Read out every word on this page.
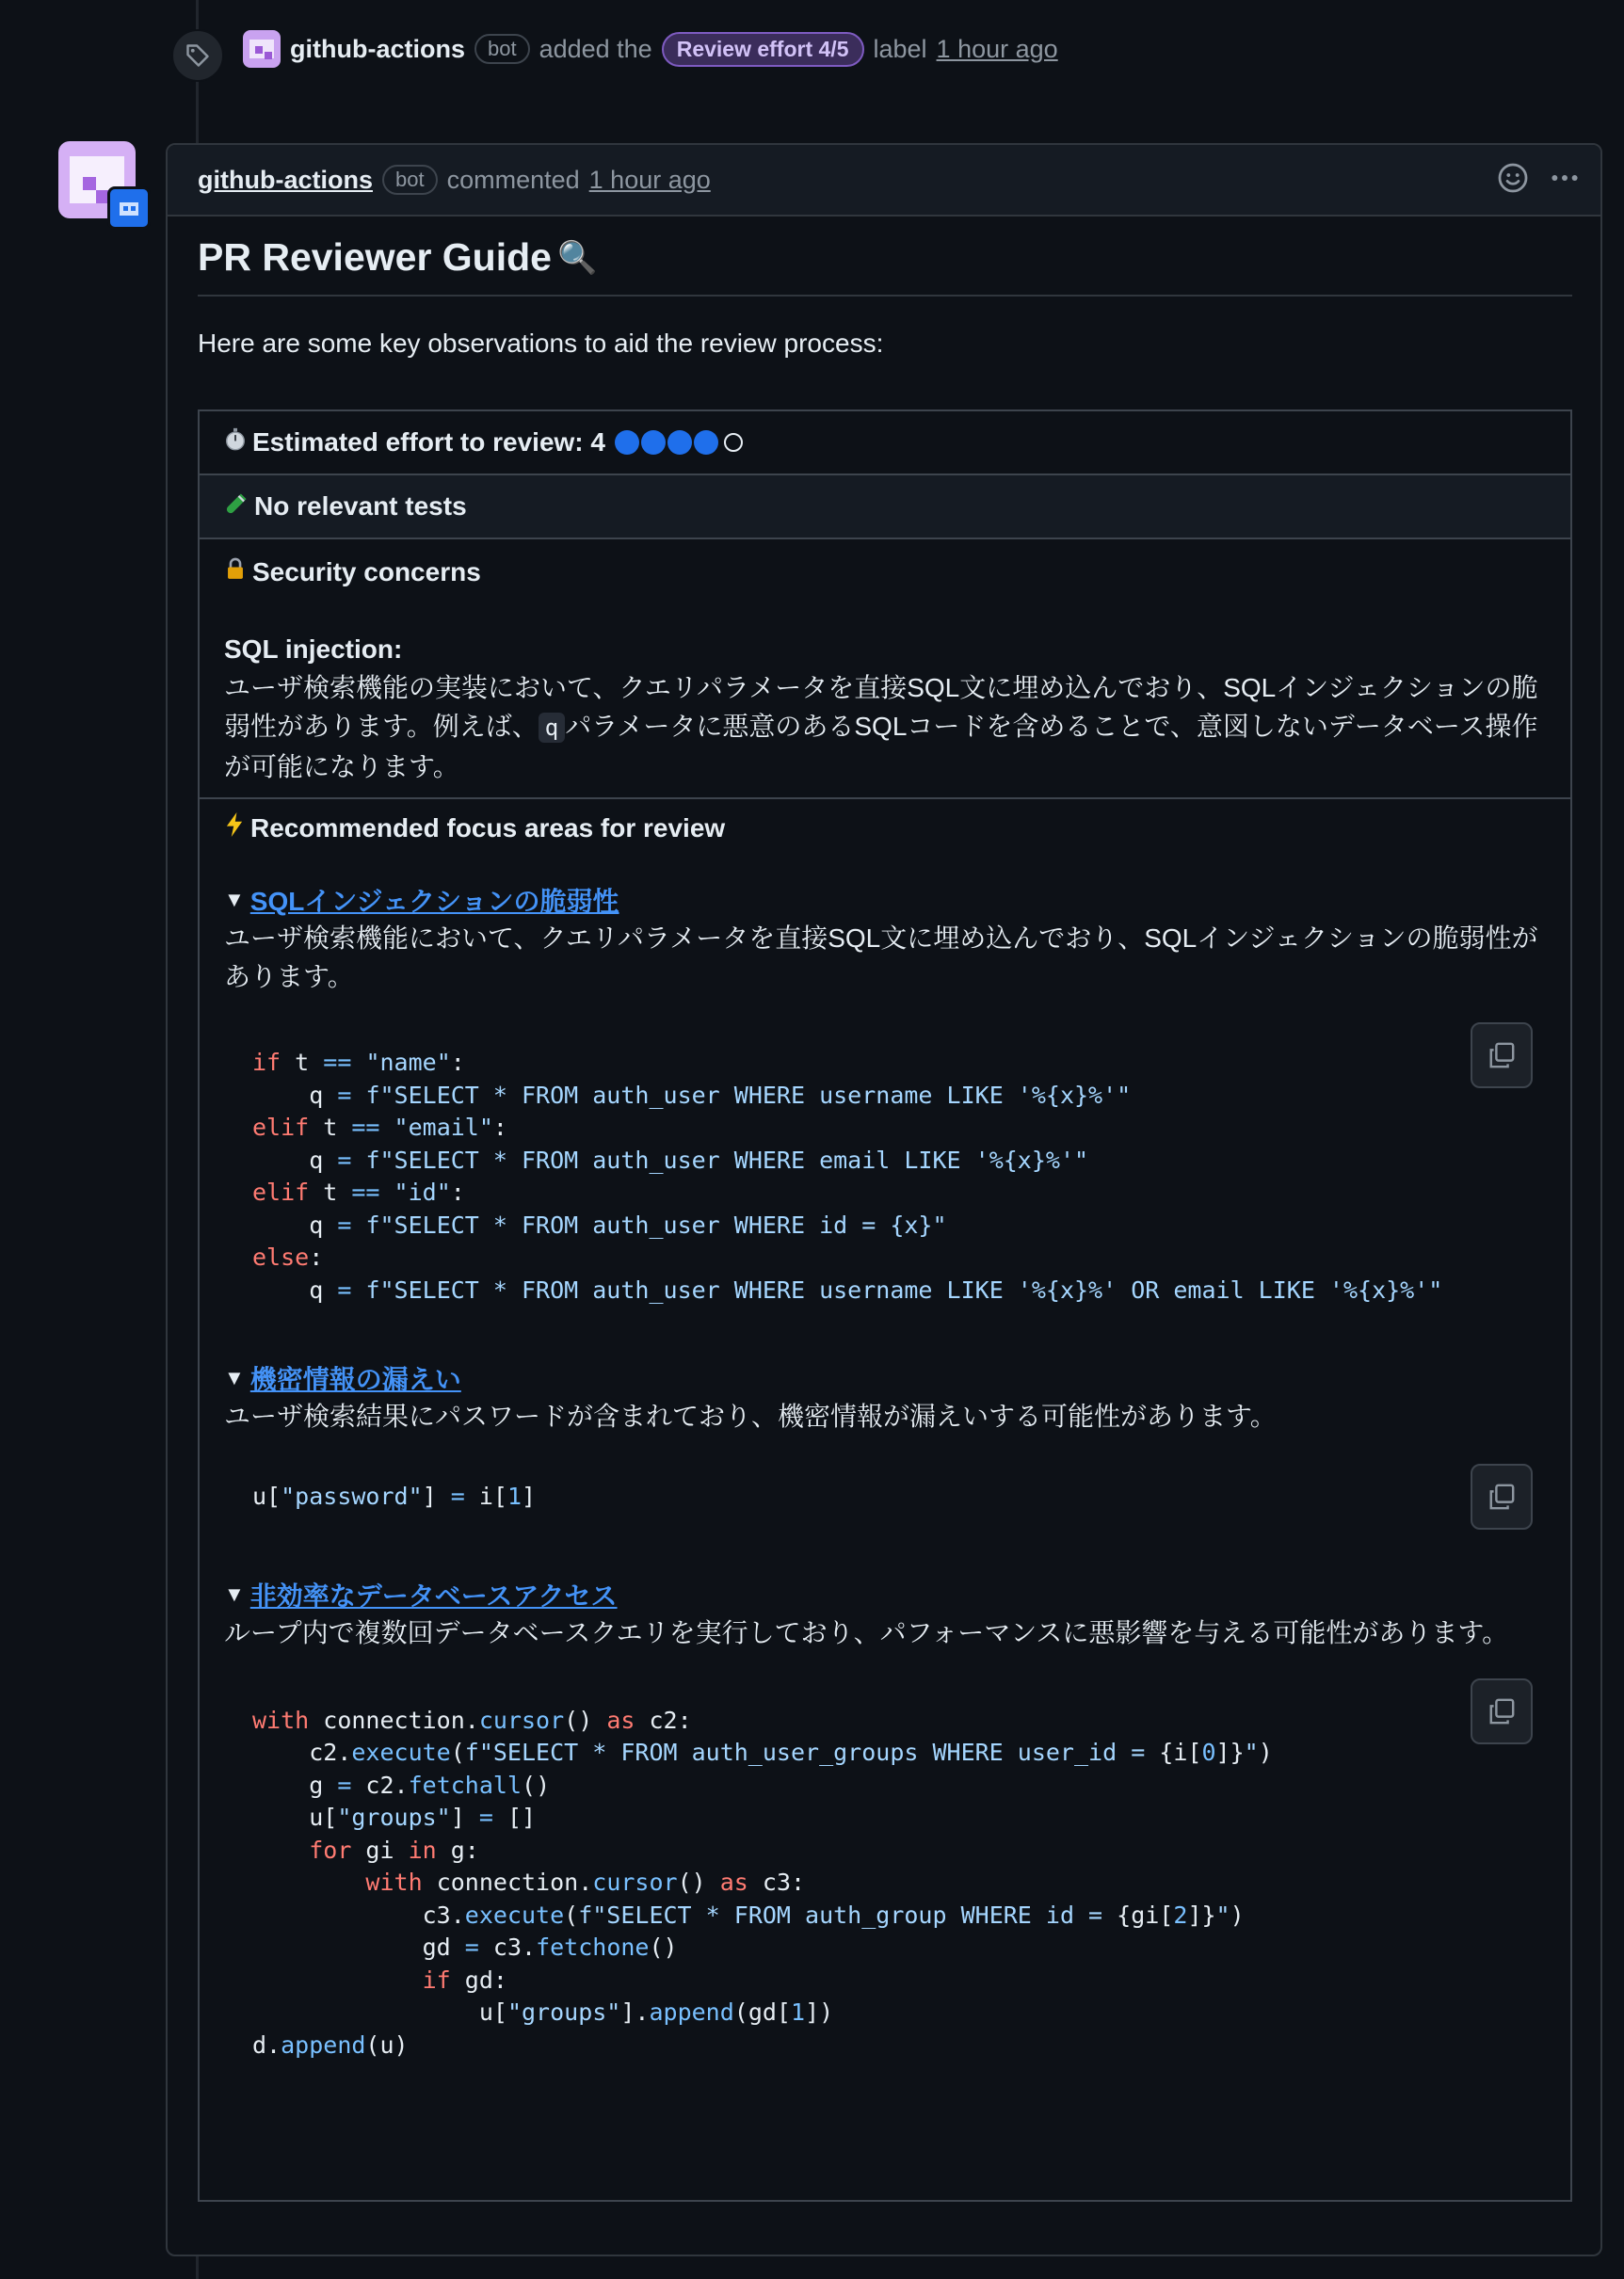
github-actions	bot added the	Review effort 4/5 label 1 hour ago
github-actions	bot commented 1 hour ago
PR Reviewer Guide 🔍
Here are some key observations to aid the review process:
Estimated effort to review: 4

No relevant tests

Security concerns
SQL injection:
ユーザ検索機能の実装において、クエリパラメータを直接SQL文に埋め込んでおり、SQLインジェクションの脆弱性があります。例えば、 q パラメータに悪意のあるSQLコードを含めることで、意図しないデータベース操作が可能になります。

Recommended focus areas for review
▼ SQLインジェクションの脆弱性
ユーザ検索機能において、クエリパラメータを直接SQL文に埋め込んでおり、SQLインジェクションの脆弱性があります。
if t == "name":
q = f"SELECT * FROM auth_user WHERE username LIKE '%{x}%'"
elif t == "email":
q = f"SELECT * FROM auth_user WHERE email LIKE '%{x}%'"
elif t == "id":
q = f"SELECT * FROM auth_user WHERE id = {x}"
else:
q = f"SELECT * FROM auth_user WHERE username LIKE '%{x}%' OR email LIKE '%{x}%'"
▼ 機密情報の漏えい
ユーザ検索結果にパスワードが含まれており、機密情報が漏えいする可能性があります。
u["password"] = i[1]
▼ 非効率なデータベースアクセス
ループ内で複数回データベースクエリを実行しており、パフォーマンスに悪影響を与える可能性があります。
with connection.cursor() as c2:
c2.execute(f"SELECT * FROM auth_user_groups WHERE user_id = {i[0]}")
g = c2.fetchall()
u["groups"] = []
for gi in g:
with connection.cursor() as c3:
c3.execute(f"SELECT * FROM auth_group WHERE id = {gi[2]}")
gd = c3.fetchone()
if gd:
u["groups"].append(gd[1])
d.append(u)
